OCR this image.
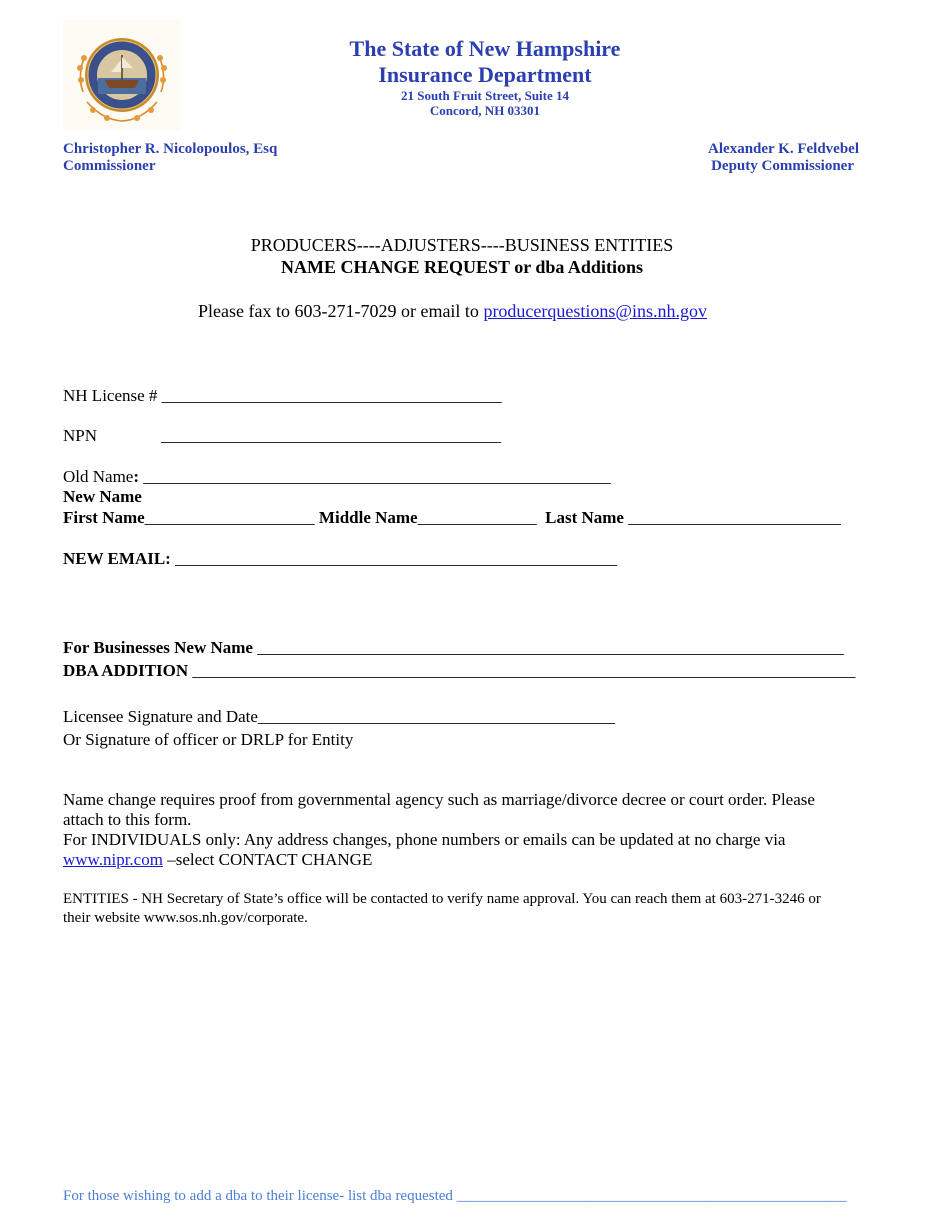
The State of New Hampshire
Insurance Department
21 South Fruit Street, Suite 14
Concord, NH 03301
Christopher R. Nicolopoulos, Esq
Commissioner
Alexander K. Feldvebel
Deputy Commissioner
PRODUCERS----ADJUSTERS----BUSINESS ENTITIES
NAME CHANGE REQUEST or dba Additions
Please fax to 603-271-7029 or email to producerquestions@ins.nh.gov
NH License # ________________________________________
NPN	________________________________________
Old Name: _______________________________________________________
New Name
First Name____________________ Middle Name______________ Last Name _________________________
NEW EMAIL: ____________________________________________________
For Businesses New Name _____________________________________________________________________
DBA ADDITION ______________________________________________________________________________
Licensee Signature and Date__________________________________________
Or Signature of officer or DRLP for Entity
Name change requires proof from governmental agency such as marriage/divorce decree or court order. Please
attach to this form.
For INDIVIDUALS only: Any address changes, phone numbers or emails can be updated at no charge via
www.nipr.com –select CONTACT CHANGE
ENTITIES - NH Secretary of State’s office will be contacted to verify name approval. You can reach them at 603-271-3246 or
their website www.sos.nh.gov/corporate.
For those wishing to add a dba to their license- list dba requested ____________________________________________________
